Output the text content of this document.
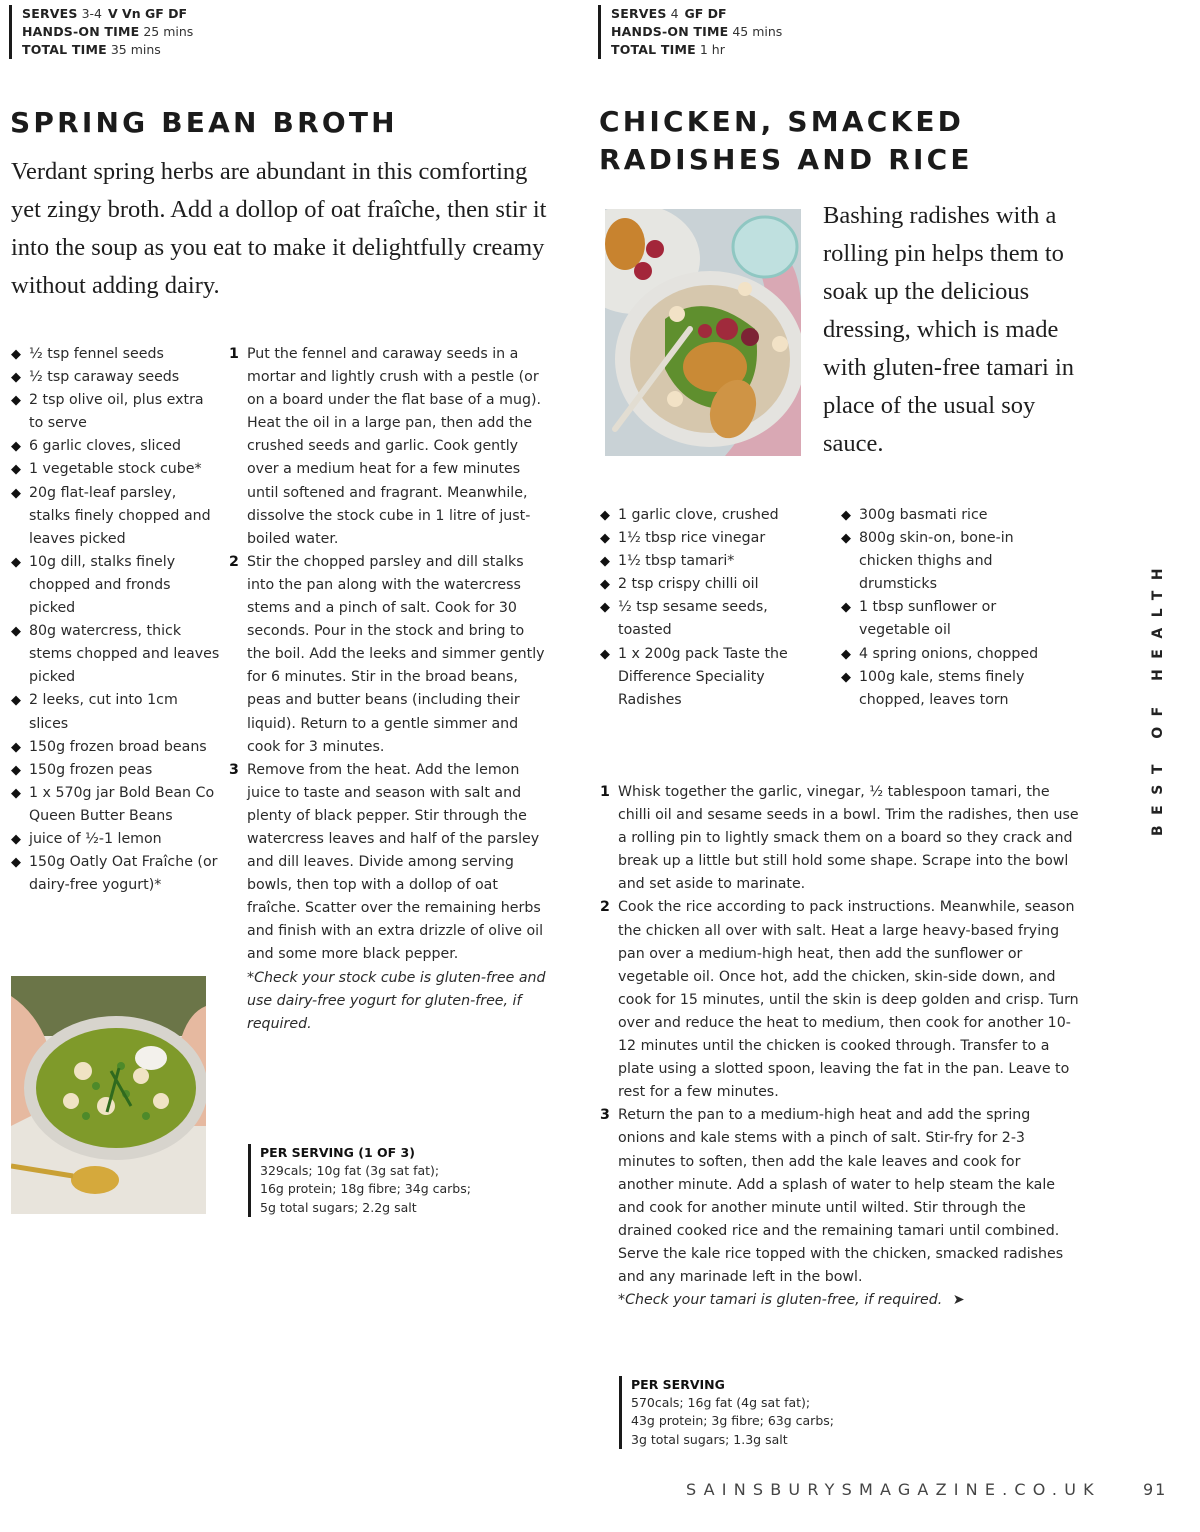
SERVES 3-4 V Vn GF DF
HANDS-ON TIME 25 mins
TOTAL TIME 35 mins
SPRING BEAN BROTH

Verdant spring herbs are abundant in this comforting yet zingy broth. Add a dollop of oat fraîche, then stir it into the soup as you eat to make it delightfully creamy without adding dairy.

◆ ½ tsp fennel seeds
◆ ½ tsp caraway seeds
◆ 2 tsp olive oil, plus extra to serve
◆ 6 garlic cloves, sliced
◆ 1 vegetable stock cube*
◆ 20g flat-leaf parsley, stalks finely chopped and leaves picked
◆ 10g dill, stalks finely chopped and fronds picked
◆ 80g watercress, thick stems chopped and leaves picked
◆ 2 leeks, cut into 1cm slices
◆ 150g frozen broad beans
◆ 150g frozen peas
◆ 1 x 570g jar Bold Bean Co Queen Butter Beans
◆ juice of ½-1 lemon
◆ 150g Oatly Oat Fraîche (or dairy-free yogurt)*
1 Put the fennel and caraway seeds in a mortar and lightly crush with a pestle (or on a board under the flat base of a mug). Heat the oil in a large pan, then add the crushed seeds and garlic. Cook gently over a medium heat for a few minutes until softened and fragrant. Meanwhile, dissolve the stock cube in 1 litre of just-boiled water.
2 Stir the chopped parsley and dill stalks into the pan along with the watercress stems and a pinch of salt. Cook for 30 seconds. Pour in the stock and bring to the boil. Add the leeks and simmer gently for 6 minutes. Stir in the broad beans, peas and butter beans (including their liquid). Return to a gentle simmer and cook for 3 minutes.
3 Remove from the heat. Add the lemon juice to taste and season with salt and plenty of black pepper. Stir through the watercress leaves and half of the parsley and dill leaves. Divide among serving bowls, then top with a dollop of oat fraîche. Scatter over the remaining herbs and finish with an extra drizzle of olive oil and some more black pepper.
*Check your stock cube is gluten-free and use dairy-free yogurt for gluten-free, if required.
PER SERVING (1 OF 3)
329cals; 10g fat (3g sat fat);
16g protein; 18g fibre; 34g carbs;
5g total sugars; 2.2g salt
SERVES 4 GF DF
HANDS-ON TIME 45 mins
TOTAL TIME 1 hr
CHICKEN, SMACKED
RADISHES AND RICE

Bashing radishes with a rolling pin helps them to soak up the delicious dressing, which is made with gluten-free tamari in place of the usual soy sauce.

◆ 1 garlic clove, crushed
◆ 1½ tbsp rice vinegar
◆ 1½ tbsp tamari*
◆ 2 tsp crispy chilli oil
◆ ½ tsp sesame seeds, toasted
◆ 1 x 200g pack Taste the Difference Speciality Radishes
◆ 300g basmati rice
◆ 800g skin-on, bone-in chicken thighs and drumsticks
◆ 1 tbsp sunflower or vegetable oil
◆ 4 spring onions, chopped
◆ 100g kale, stems finely chopped, leaves torn
1 Whisk together the garlic, vinegar, ½ tablespoon tamari, the chilli oil and sesame seeds in a bowl. Trim the radishes, then use a rolling pin to lightly smack them on a board so they crack and break up a little but still hold some shape. Scrape into the bowl and set aside to marinate.
2 Cook the rice according to pack instructions. Meanwhile, season the chicken all over with salt. Heat a large heavy-based frying pan over a medium-high heat, then add the sunflower or vegetable oil. Once hot, add the chicken, skin-side down, and cook for 15 minutes, until the skin is deep golden and crisp. Turn over and reduce the heat to medium, then cook for another 10-12 minutes until the chicken is cooked through. Transfer to a plate using a slotted spoon, leaving the fat in the pan. Leave to rest for a few minutes.
3 Return the pan to a medium-high heat and add the spring onions and kale stems with a pinch of salt. Stir-fry for 2-3 minutes to soften, then add the kale leaves and cook for another minute. Add a splash of water to help steam the kale and cook for another minute until wilted. Stir through the drained cooked rice and the remaining tamari until combined. Serve the kale rice topped with the chicken, smacked radishes and any marinade left in the bowl.
*Check your tamari is gluten-free, if required. ➤
PER SERVING
570cals; 16g fat (4g sat fat);
43g protein; 3g fibre; 63g carbs;
3g total sugars; 1.3g salt
BEST OF HEALTH
SAINSBURYSMAGAZINE.CO.UK	91
